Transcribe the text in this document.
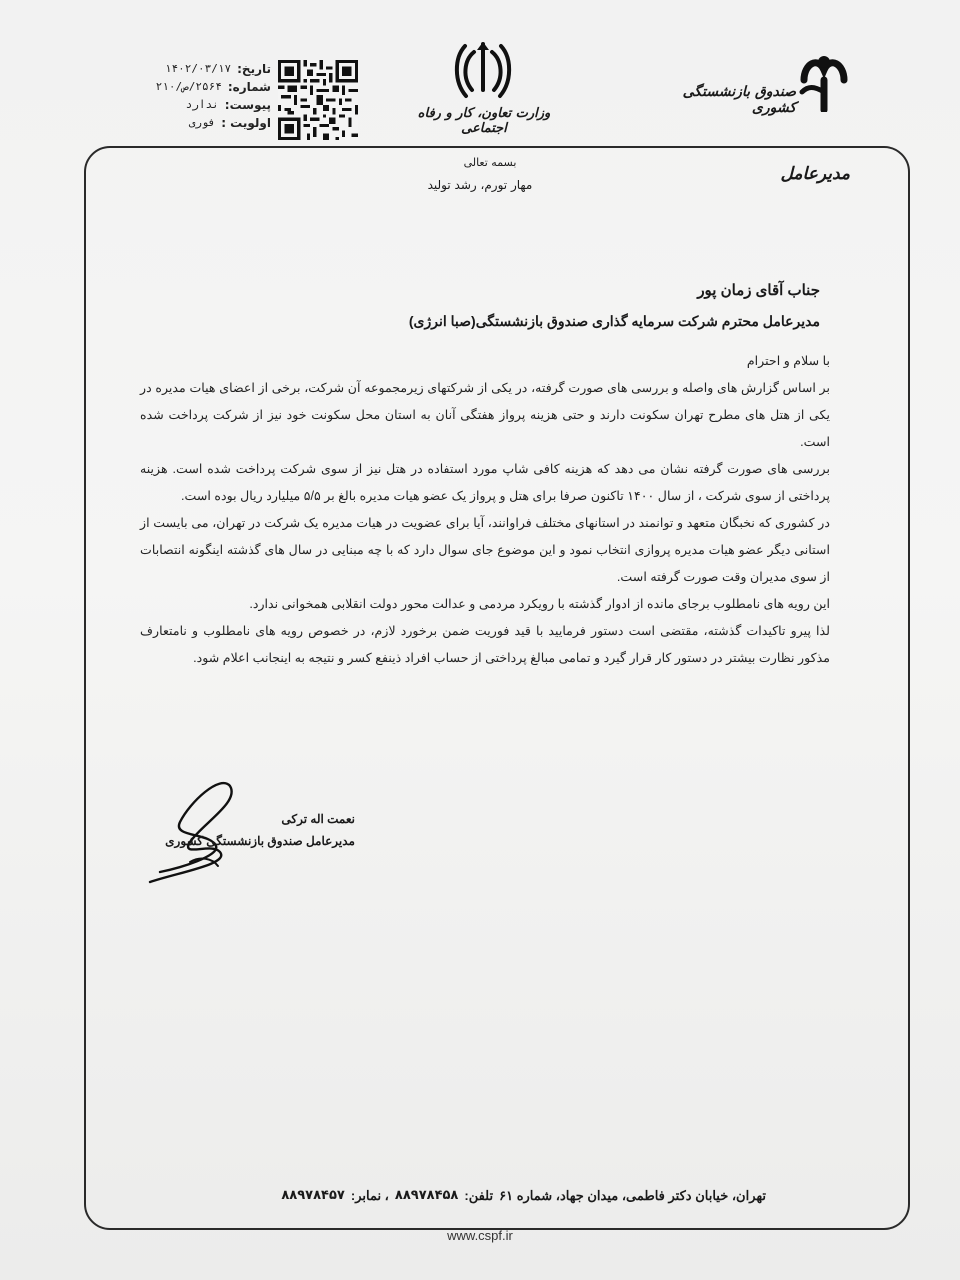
تاریخ:
۱۴۰۲/۰۳/۱۷
شماره:
۲۵۶۴/ص/۲۱۰
پیوست:
ندارد
اولویت :
فوری
وزارت تعاون، کار و رفاه اجتماعی
صندوق بازنشستگی کشوری
مدیرعامل
بسمه تعالی
مهار تورم، رشد تولید
جناب آقای زمان پور
مدیرعامل محترم شرکت سرمایه گذاری صندوق بازنشستگی(صبا انرژی)

با سلام و احترام

بر اساس گزارش های واصله و بررسی های صورت گرفته، در یکی از شرکتهای زیرمجموعه آن شرکت، برخی از اعضای هیات مدیره در یکی از هتل های مطرح تهران سکونت دارند و حتی هزینه پرواز هفتگی آنان به استان محل سکونت خود نیز از شرکت پرداخت شده است.

بررسی های صورت گرفته نشان می دهد که هزینه کافی شاپ مورد استفاده در هتل نیز از سوی شرکت پرداخت شده است. هزینه پرداختی از سوی شرکت ، از سال ۱۴۰۰ تاکنون صرفا برای هتل و پرواز یک عضو هیات مدیره بالغ بر ۵/۵ میلیارد ریال بوده است.

در کشوری که نخبگان متعهد و توانمند در استانهای مختلف فراوانند، آیا برای عضویت در هیات مدیره یک شرکت در تهران، می بایست از استانی دیگر عضو هیات مدیره پروازی انتخاب نمود و این موضوع جای سوال دارد که با چه مبنایی در سال های گذشته اینگونه انتصابات از سوی مدیران وقت صورت گرفته است.

این رویه های نامطلوب برجای مانده از ادوار گذشته با رویکرد مردمی و عدالت محور دولت انقلابی همخوانی ندارد.

لذا پیرو تاکیدات گذشته، مقتضی است دستور فرمایید با قید فوریت ضمن برخورد لازم، در خصوص رویه های نامطلوب و نامتعارف مذکور نظارت بیشتر در دستور کار قرار گیرد و تمامی مبالغ پرداختی از حساب افراد ذینفع کسر و نتیجه به اینجانب اعلام شود.

نعمت اله ترکی
مدیرعامل صندوق بازنشستگی کشوری
تهران، خیابان دکتر فاطمی، میدان جهاد، شماره ۶۱
تلفن:
۸۸۹۷۸۴۵۸
، نمابر:
۸۸۹۷۸۴۵۷
www.cspf.ir
